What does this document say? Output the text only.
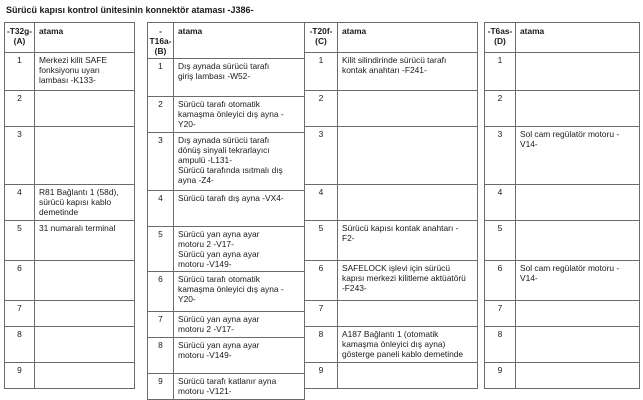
Sürücü kapısı kontrol ünitesinin konnektör ataması -J386-
-T32g-
(A)	atama
1	Merkezi kilit SAFE
fonksiyonu uyarı
lambası -K133-

2	
3	
4	R81 Bağlantı 1 (58d),
sürücü kapısı kablo
demetinde

5	31 numaralı terminal

6	
7	
8	
9	
-T16a-
(B)	atama
1	Dış aynada sürücü tarafı
giriş lambası -W52-

2	Sürücü tarafı otomatik
kamaşma önleyici dış ayna -
Y20-

3	Dış aynada sürücü tarafı
dönüş sinyali tekrarlayıcı
ampulü -L131-
Sürücü tarafında ısıtmalı dış
ayna -Z4-

4	Sürücü tarafı dış ayna -VX4-

5	Sürücü yan ayna ayar
motoru 2 -V17-
Sürücü yan ayna ayar
motoru -V149-

6	Sürücü tarafı otomatik
kamaşma önleyici dış ayna -
Y20-

7	Sürücü yan ayna ayar
motoru 2 -V17-

8	Sürücü yan ayna ayar
motoru -V149-

9	Sürücü tarafı katlanır ayna
motoru -V121-
-T20f-
(C)	atama
1	Kilit silindirinde sürücü tarafı
kontak anahtarı -F241-

2	
3	
4	
5	Sürücü kapısı kontak anahtarı -
F2-

6	SAFELOCK işlevi için sürücü
kapısı merkezi kilitleme aktüatörü
-F243-

7	
8	A187 Bağlantı 1 (otomatik
kamaşma önleyici dış ayna)
gösterge paneli kablo demetinde

9	
-T6as-
(D)	atama
1	
2	
3	Sol cam regülatör motoru -
V14-

4	
5	
6	Sol cam regülatör motoru -
V14-

7	
8	
9	
